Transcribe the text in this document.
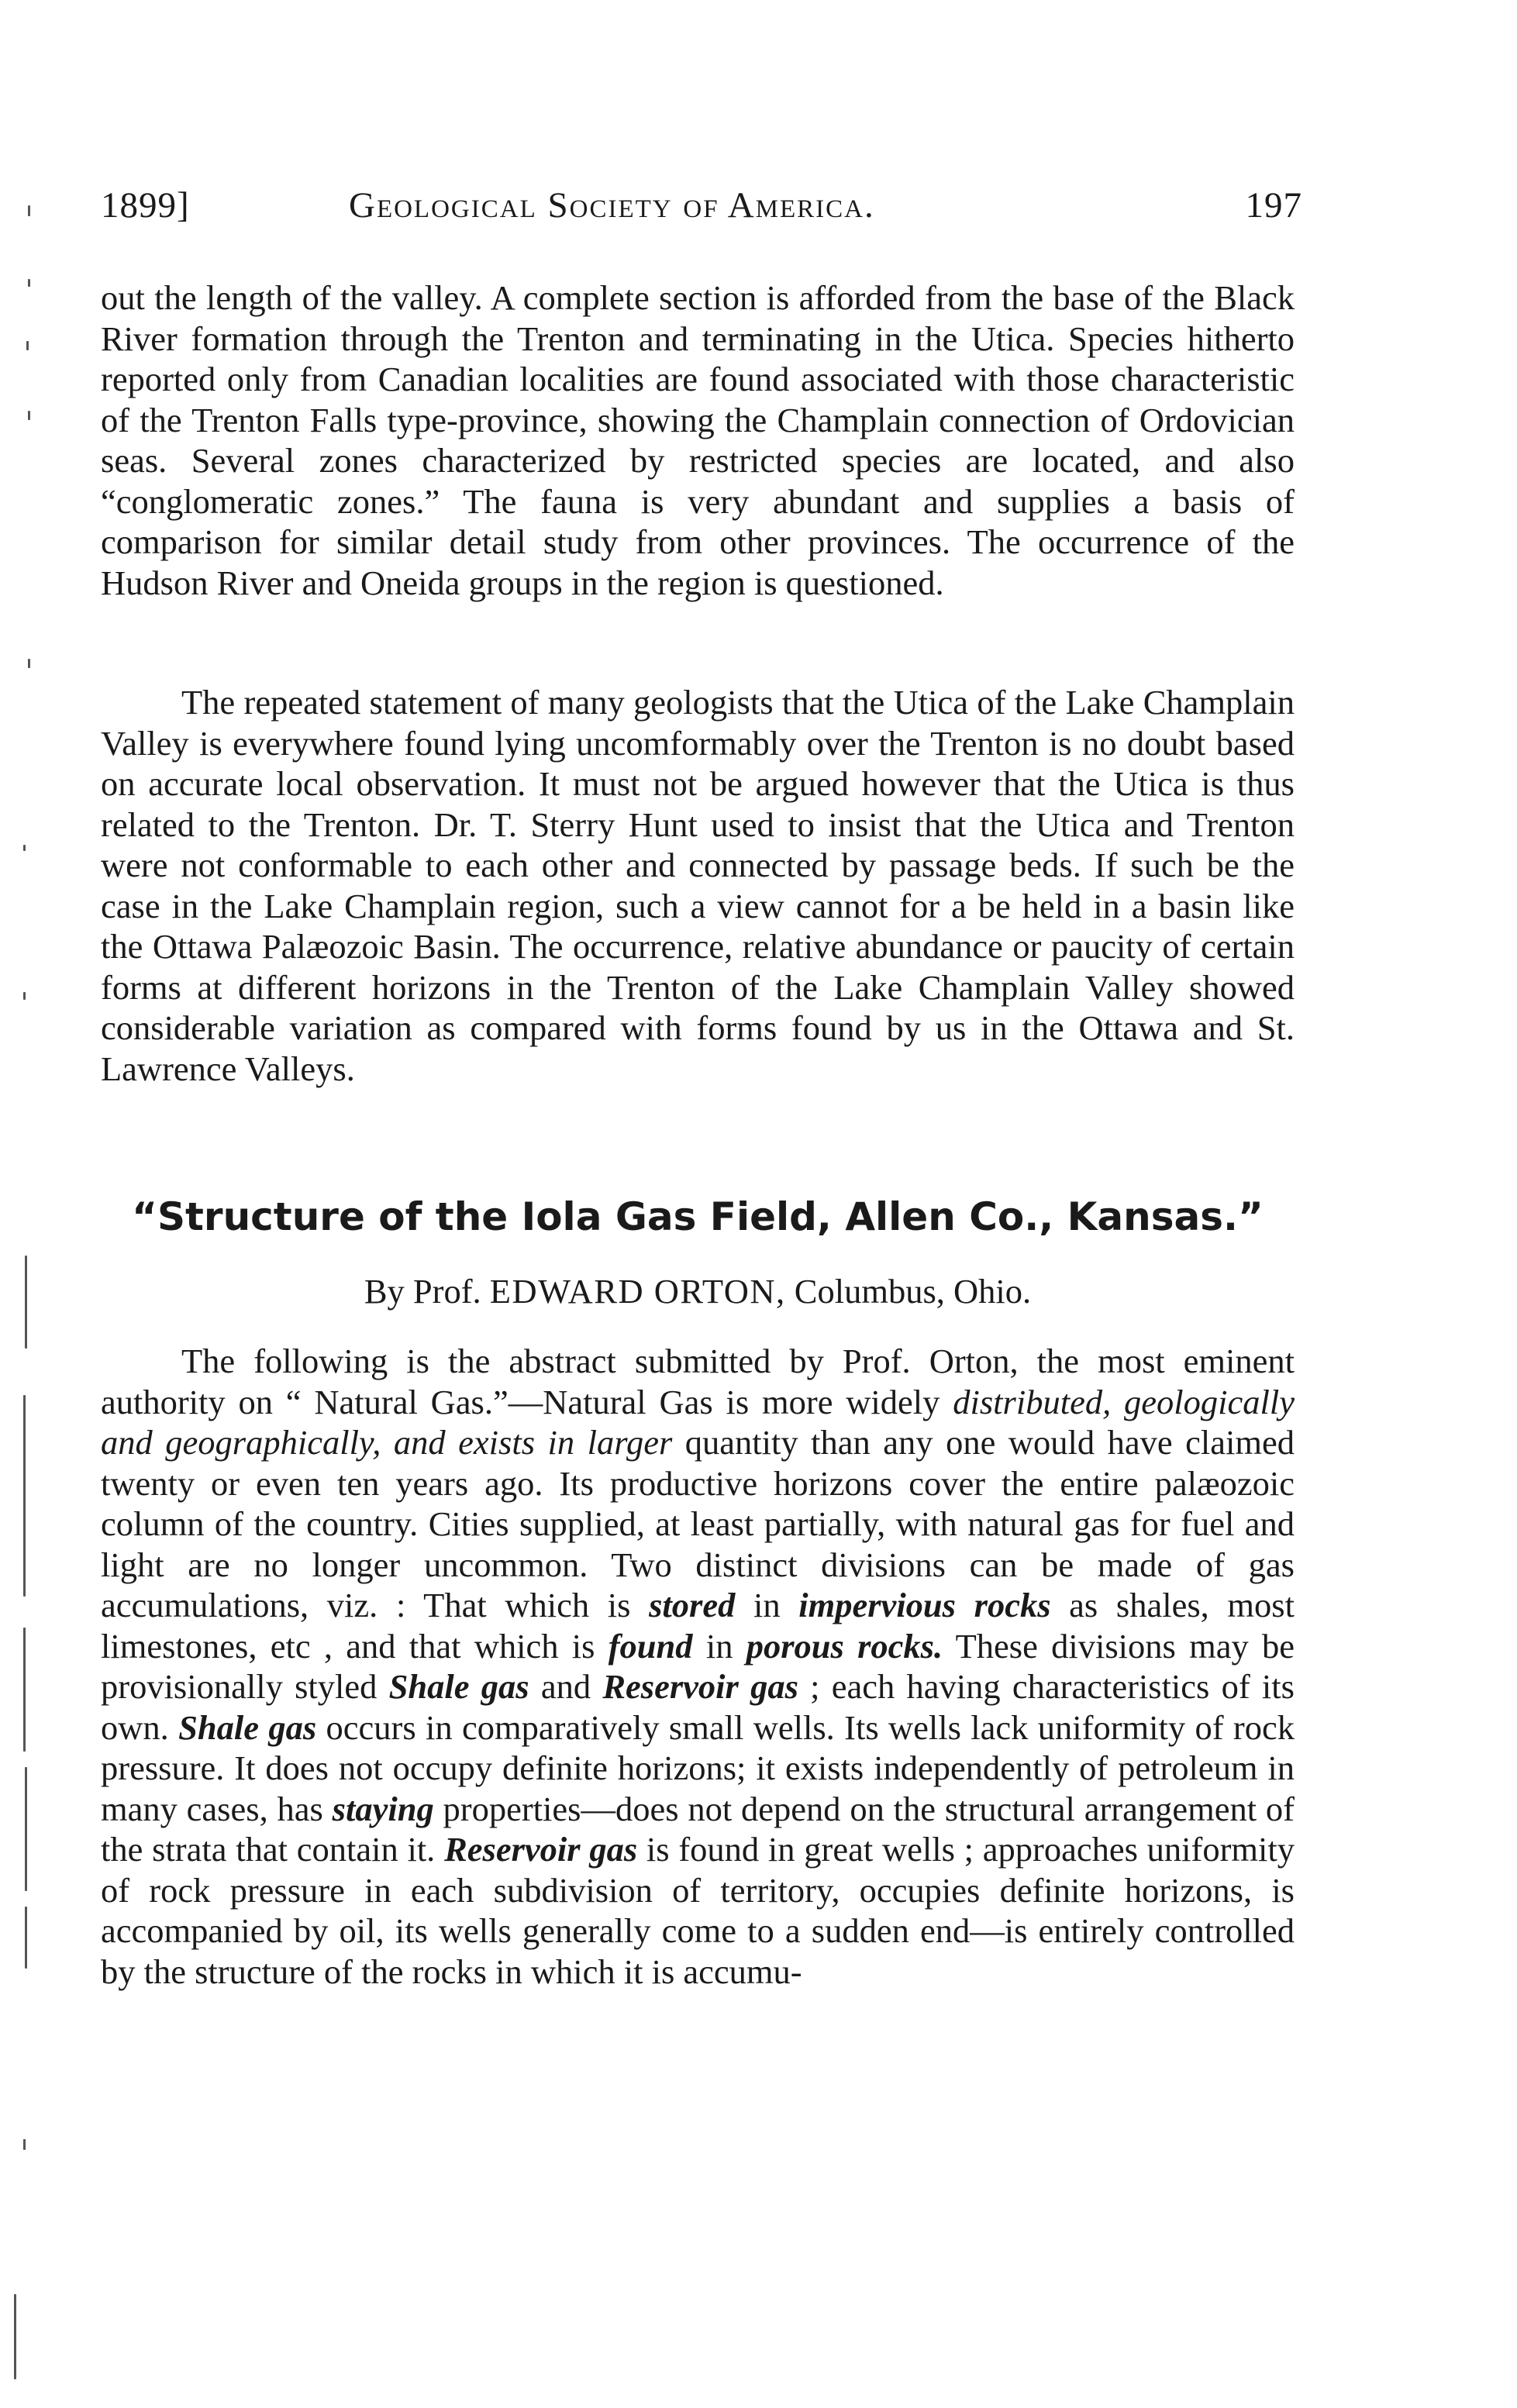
1899]	Geological Society of America.	197

out the length of the valley. A complete section is afforded from the base of the Black River formation through the Trenton and terminating in the Utica. Species hitherto reported only from Canadian localities are found associated with those characteristic of the Trenton Falls type-province, showing the Champlain connection of Ordovician seas. Several zones characterized by restricted species are located, and also “conglomeratic zones.” The fauna is very abundant and supplies a basis of comparison for similar detail study from other provinces. The occurrence of the Hudson River and Oneida groups in the region is questioned.

The repeated statement of many geologists that the Utica of the Lake Champlain Valley is everywhere found lying uncomformably over the Trenton is no doubt based on accurate local observation. It must not be argued however that the Utica is thus related to the Trenton. Dr. T. Sterry Hunt used to insist that the Utica and Trenton were not conformable to each other and connected by passage beds. If such be the case in the Lake Champlain region, such a view cannot for a be held in a basin like the Ottawa Palæozoic Basin. The occurrence, relative abundance or paucity of certain forms at different horizons in the Trenton of the Lake Champlain Valley showed considerable variation as compared with forms found by us in the Ottawa and St. Lawrence Valleys.

“Structure of the Iola Gas Field, Allen Co., Kansas.”
By Prof. EDWARD ORTON, Columbus, Ohio.

The following is the abstract submitted by Prof. Orton, the most eminent authority on “ Natural Gas.”—Natural Gas is more widely distributed, geologically and geographically, and exists in larger quantity than any one would have claimed twenty or even ten years ago. Its productive horizons cover the entire palæozoic column of the country. Cities supplied, at least partially, with natural gas for fuel and light are no longer uncommon. Two distinct divisions can be made of gas accumulations, viz. : That which is stored in impervious rocks as shales, most limestones, etc , and that which is found in porous rocks. These divisions may be provisionally styled Shale gas and Reservoir gas ; each having characteristics of its own. Shale gas occurs in comparatively small wells. Its wells lack uniformity of rock pressure. It does not occupy definite horizons; it exists independently of petroleum in many cases, has staying properties—does not depend on the structural arrangement of the strata that contain it. Reservoir gas is found in great wells ; approaches uniformity of rock pressure in each subdivision of territory, occupies definite horizons, is accompanied by oil, its wells generally come to a sudden end—is entirely controlled by the structure of the rocks in which it is accumu-
